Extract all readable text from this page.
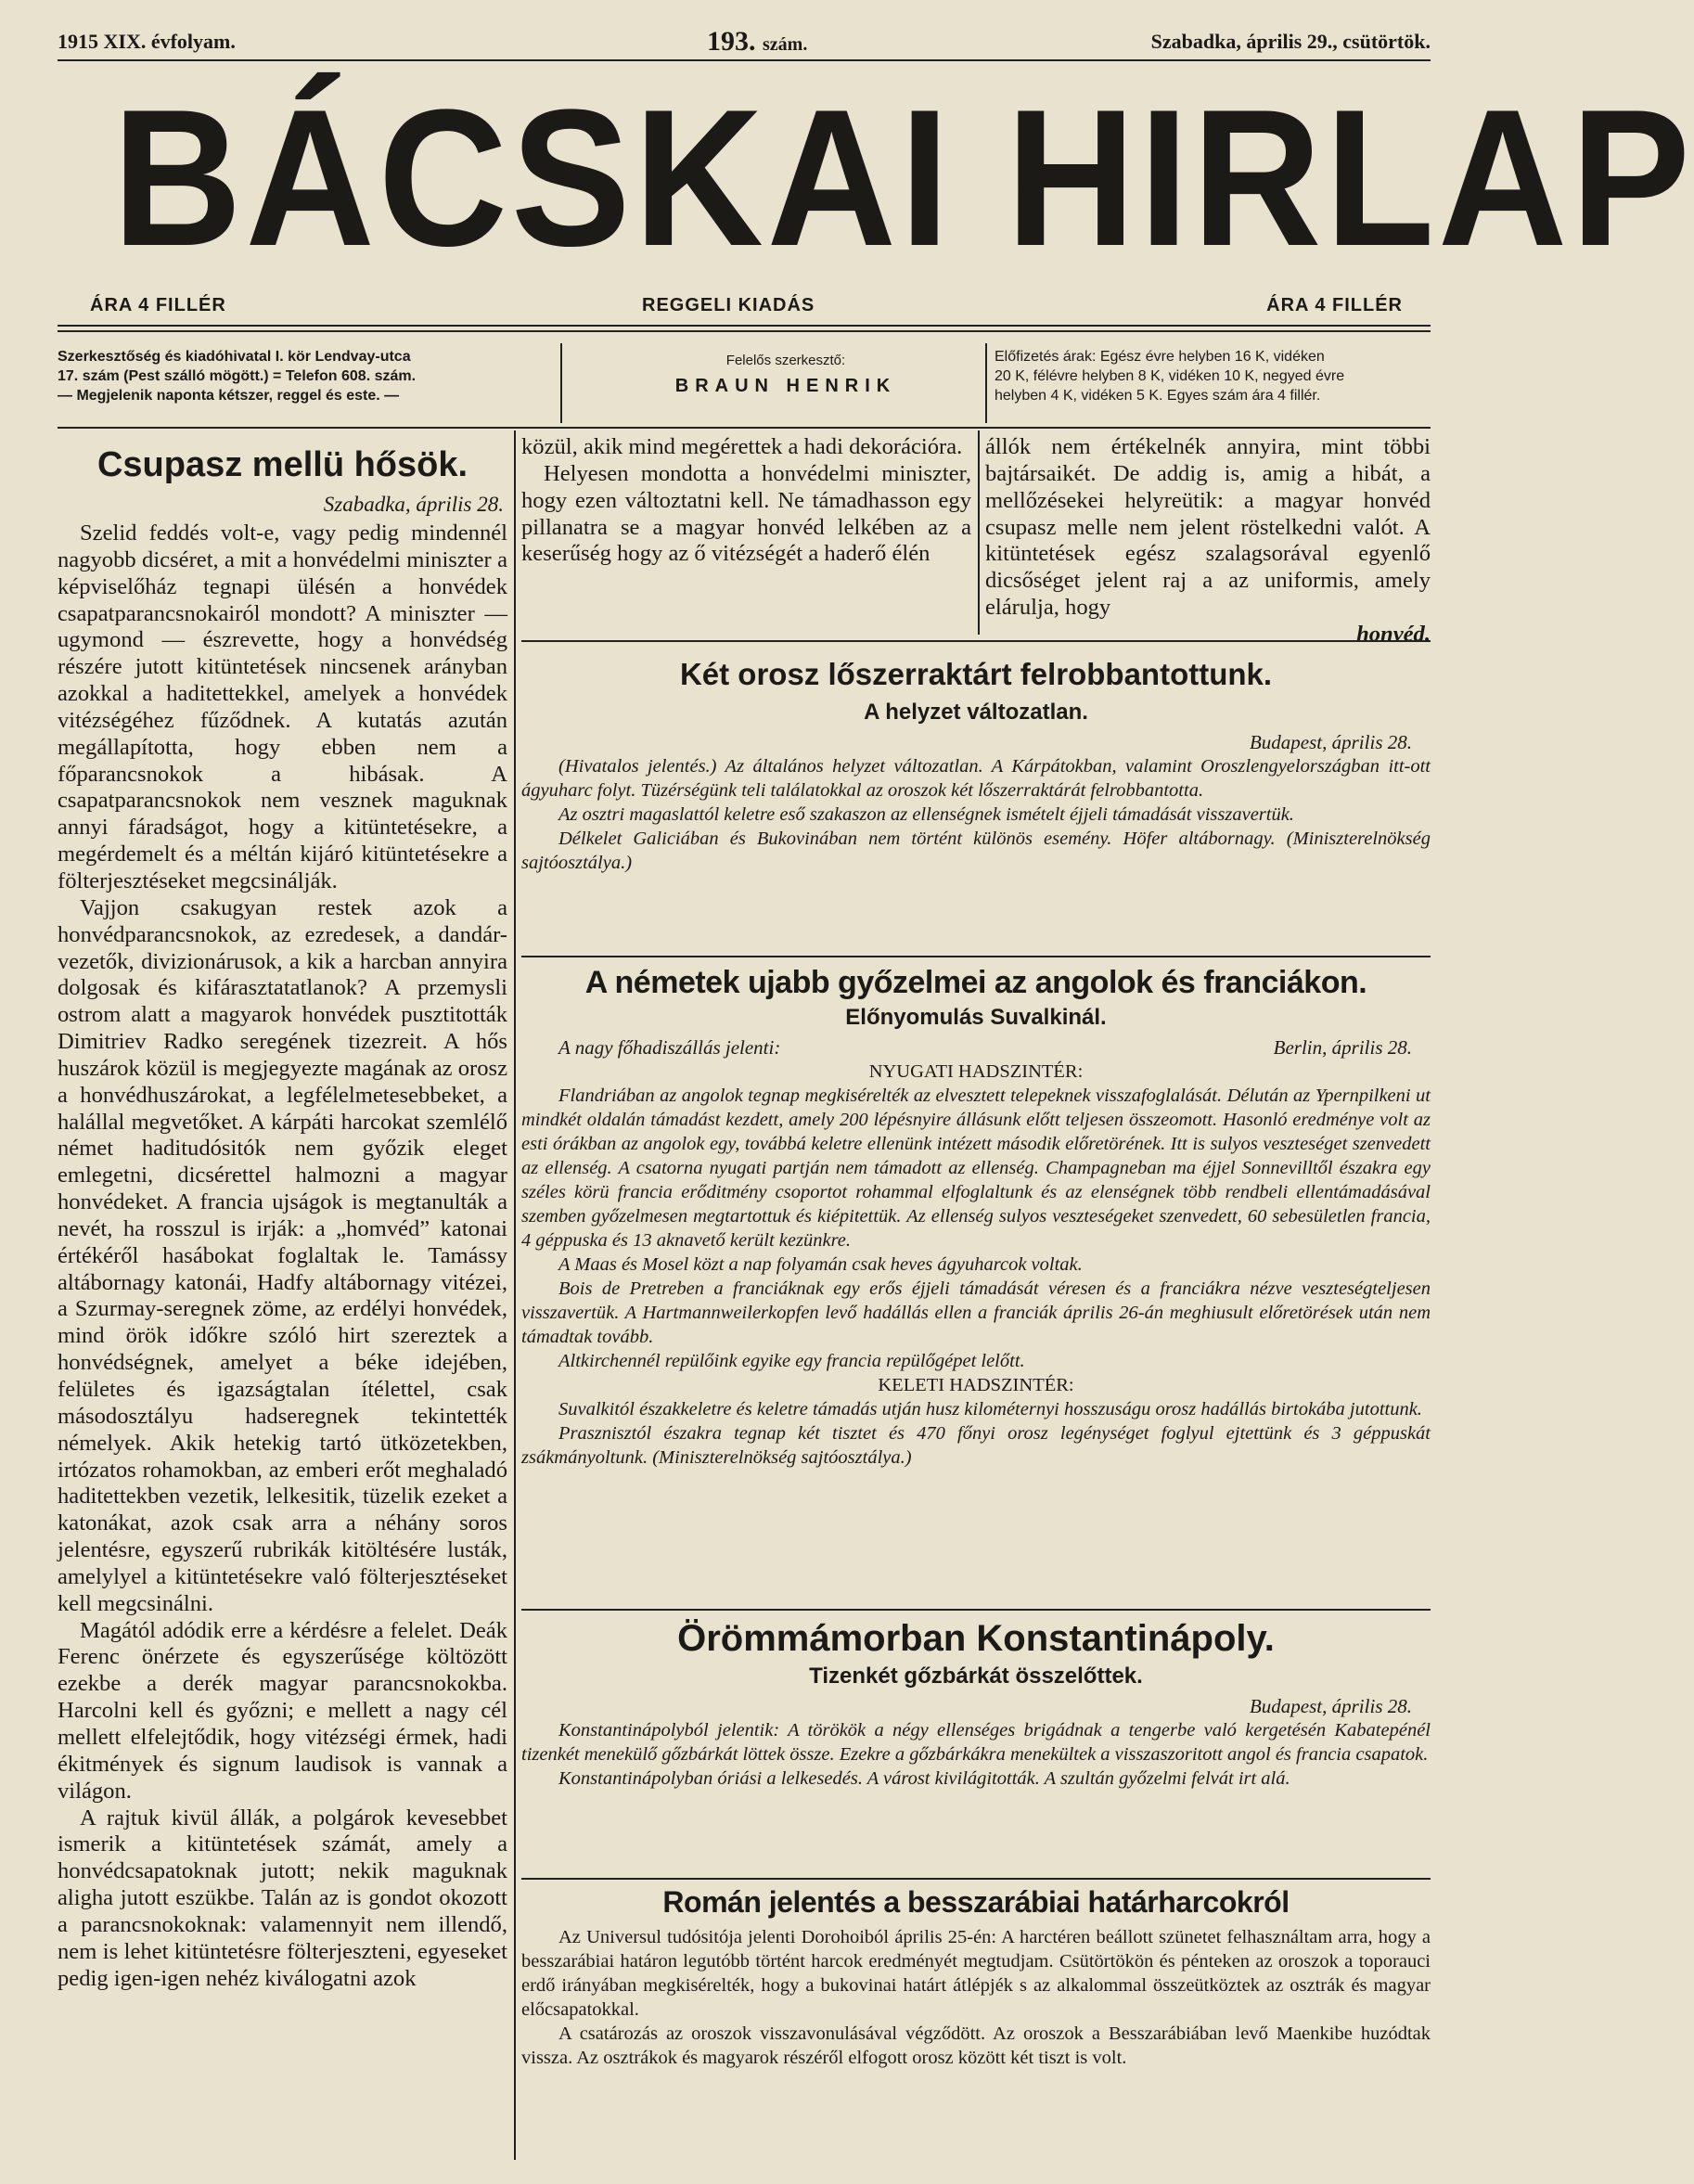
1915 XIX. évfolyam.	193. szám.	Szabadka, április 29., csütörtök.
BÁCSKAI HIRLAP
ÁRA 4 FILLÉR	REGGELI KIADÁS	ÁRA 4 FILLÉR
Szerkesztőség és kiadóhivatal I. kör Lendvay-utca
17. szám (Pest szálló mögött.) = Telefon 608. szám.
— Megjelenik naponta kétszer, reggel és este. —
Felelős szerkesztő:
BRAUN HENRIK
Előfizetés árak: Egész évre helyben 16 K, vidéken
20 K, félévre helyben 8 K, vidéken 10 K, negyed évre
helyben 4 K, vidéken 5 K. Egyes szám ára 4 fillér.
Csupasz mellü hősök.
Szabadka, április 28.

Szelid feddés volt-e, vagy pedig mindennél nagyobb dicséret, a mit a honvédelmi miniszter a képviselőház tegnapi ülésén a honvédek csapatparancsnokairól mondott? A miniszter — ugymond — észrevette, hogy a honvédség részére jutott kitüntetések nincsenek arányban azokkal a haditettekkel, amelyek a honvédek vitézségéhez fűződnek. A kutatás azután megállapította, hogy ebben nem a főparancsnokok a hibásak. A csapatparancsnokok nem vesznek maguknak annyi fáradságot, hogy a kitüntetésekre, a megérdemelt és a méltán kijáró kitüntetésekre a fölterjesztéseket megcsinálják.

Vajjon csakugyan restek azok a honvédparancsnokok, az ezredesek, a dandár-vezetők, divizionárusok, a kik a harcban annyira dolgosak és kifárasztatatlanok? A przemysli ostrom alatt a magyarok honvédek pusztitották Dimitriev Radko seregének tizezreit. A hős huszárok közül is megjegyezte magának az orosz a honvédhuszárokat, a legfélelmetesebbeket, a halállal megvetőket. A kárpáti harcokat szemlélő német haditudósitók nem győzik eleget emlegetni, dicsérettel halmozni a magyar honvédeket. A francia ujságok is megtanulták a nevét, ha rosszul is irják: a „homvéd” katonai értékéről hasábokat foglaltak le. Tamássy altábornagy katonái, Hadfy altábornagy vitézei, a Szurmay-seregnek zöme, az erdélyi honvédek, mind örök időkre szóló hirt szereztek a honvédségnek, amelyet a béke idejében, felületes és igazságtalan ítélettel, csak másodosztályu hadseregnek tekintették némelyek. Akik hetekig tartó ütközetekben, irtózatos rohamokban, az emberi erőt meghaladó haditettekben vezetik, lelkesitik, tüzelik ezeket a katonákat, azok csak arra a néhány soros jelentésre, egyszerű rubrikák kitöltésére lusták, amelylyel a kitüntetésekre való fölterjesztéseket kell megcsinálni.

Magától adódik erre a kérdésre a felelet. Deák Ferenc önérzete és egyszerűsége költözött ezekbe a derék magyar parancsnokokba. Harcolni kell és győzni; e mellett a nagy cél mellett elfelejtődik, hogy vitézségi érmek, hadi ékitmények és signum laudisok is vannak a világon.

A rajtuk kivül állák, a polgárok kevesebbet ismerik a kitüntetések számát, amely a honvédcsapatoknak jutott; nekik maguknak aligha jutott eszükbe. Talán az is gondot okozott a parancsnokoknak: valamennyit nem illendő, nem is lehet kitüntetésre fölterjeszteni, egyeseket pedig igen-igen nehéz kiválogatni azok

közül, akik mind megérettek a hadi dekorációra.

Helyesen mondotta a honvédelmi miniszter, hogy ezen változtatni kell. Ne támadhasson egy pillanatra se a magyar honvéd lelkében az a keserűség hogy az ő vitézségét a haderő élén

állók nem értékelnék annyira, mint többi bajtársaikét. De addig is, amig a hibát, a mellőzésekei helyreütik: a magyar honvéd csupasz melle nem jelent röstelkedni valót. A kitüntetések egész szalagsorával egyenlő dicsőséget jelent raj a az uniformis, amely elárulja, hogy

honvéd.

Két orosz lőszerraktárt felrobbantottunk.
A helyzet változatlan.
Budapest, április 28.

(Hivatalos jelentés.) Az általános helyzet változatlan. A Kárpátokban, valamint Oroszlengyelországban itt-ott ágyuharc folyt. Tüzérségünk teli találatokkal az oroszok két lőszerraktárát felrobbantotta.

Az osztri magaslattól keletre eső szakaszon az ellenségnek ismételt éjjeli támadását visszavertük.

Délkelet Galiciában és Bukovinában nem történt különös esemény. Höfer altábornagy. (Miniszterelnökség sajtóosztálya.)

A németek ujabb győzelmei az angolok és franciákon.
Előnyomulás Suvalkinál.
A nagy főhadiszállás jelenti:	Berlin, április 28.

NYUGATI HADSZINTÉR:

Flandriában az angolok tegnap megkisérelték az elvesztett telepeknek visszafoglalását. Délután az Ypernpilkeni ut mindkét oldalán támadást kezdett, amely 200 lépésnyire állásunk előtt teljesen összeomott. Hasonló eredménye volt az esti órákban az angolok egy, továbbá keletre ellenünk intézett második előretörének. Itt is sulyos veszteséget szenvedett az ellenség. A csatorna nyugati partján nem támadott az ellenség. Champagneban ma éjjel Sonnevilltől északra egy széles körü francia erőditmény csoportot rohammal elfoglaltunk és az elenségnek több rendbeli ellentámadásával szemben győzelmesen megtartottuk és kiépitettük. Az ellenség sulyos veszteségeket szenvedett, 60 sebesületlen francia, 4 géppuska és 13 aknavető került kezünkre.

A Maas és Mosel közt a nap folyamán csak heves ágyuharcok voltak.

Bois de Pretreben a franciáknak egy erős éjjeli támadását véresen és a franciákra nézve veszteségteljesen visszavertük. A Hartmannweilerkopfen levő hadállás ellen a franciák április 26-án meghiusult előretörések után nem támadtak tovább.

Altkirchennél repülőink egyike egy francia repülőgépet lelőtt.

KELETI HADSZINTÉR:

Suvalkitól északkeletre és keletre támadás utján husz kilométernyi hosszuságu orosz hadállás birtokába jutottunk.

Prasznisztól északra tegnap két tisztet és 470 főnyi orosz legénységet foglyul ejtettünk és 3 géppuskát zsákmányoltunk. (Miniszterelnökség sajtóosztálya.)

Örömmámorban Konstantinápoly.
Tizenkét gőzbárkát összelőttek.
Budapest, április 28.

Konstantinápolyból jelentik: A törökök a négy ellenséges brigádnak a tengerbe való kergetésén Kabatepénél tizenkét menekülő gőzbárkát löttek össze. Ezekre a gőzbárkákra menekültek a visszaszoritott angol és francia csapatok.

Konstantinápolyban óriási a lelkesedés. A várost kivilágitották. A szultán győzelmi felvát irt alá.

Román jelentés a besszarábiai határharcokról

Az Universul tudósitója jelenti Dorohoiból április 25-én: A harctéren beállott szünetet felhasználtam arra, hogy a besszarábiai határon legutóbb történt harcok eredményét megtudjam. Csütörtökön és pénteken az oroszok a toporauci erdő irányában megkisérelték, hogy a bukovinai határt átlépjék s az alkalommal összeütköztek az osztrák és magyar előcsapatokkal.

A csatározás az oroszok visszavonulásával végződött. Az oroszok a Besszarábiában levő Maenkibe huzódtak vissza. Az osztrákok és magyarok részéről elfogott orosz között két tiszt is volt.
